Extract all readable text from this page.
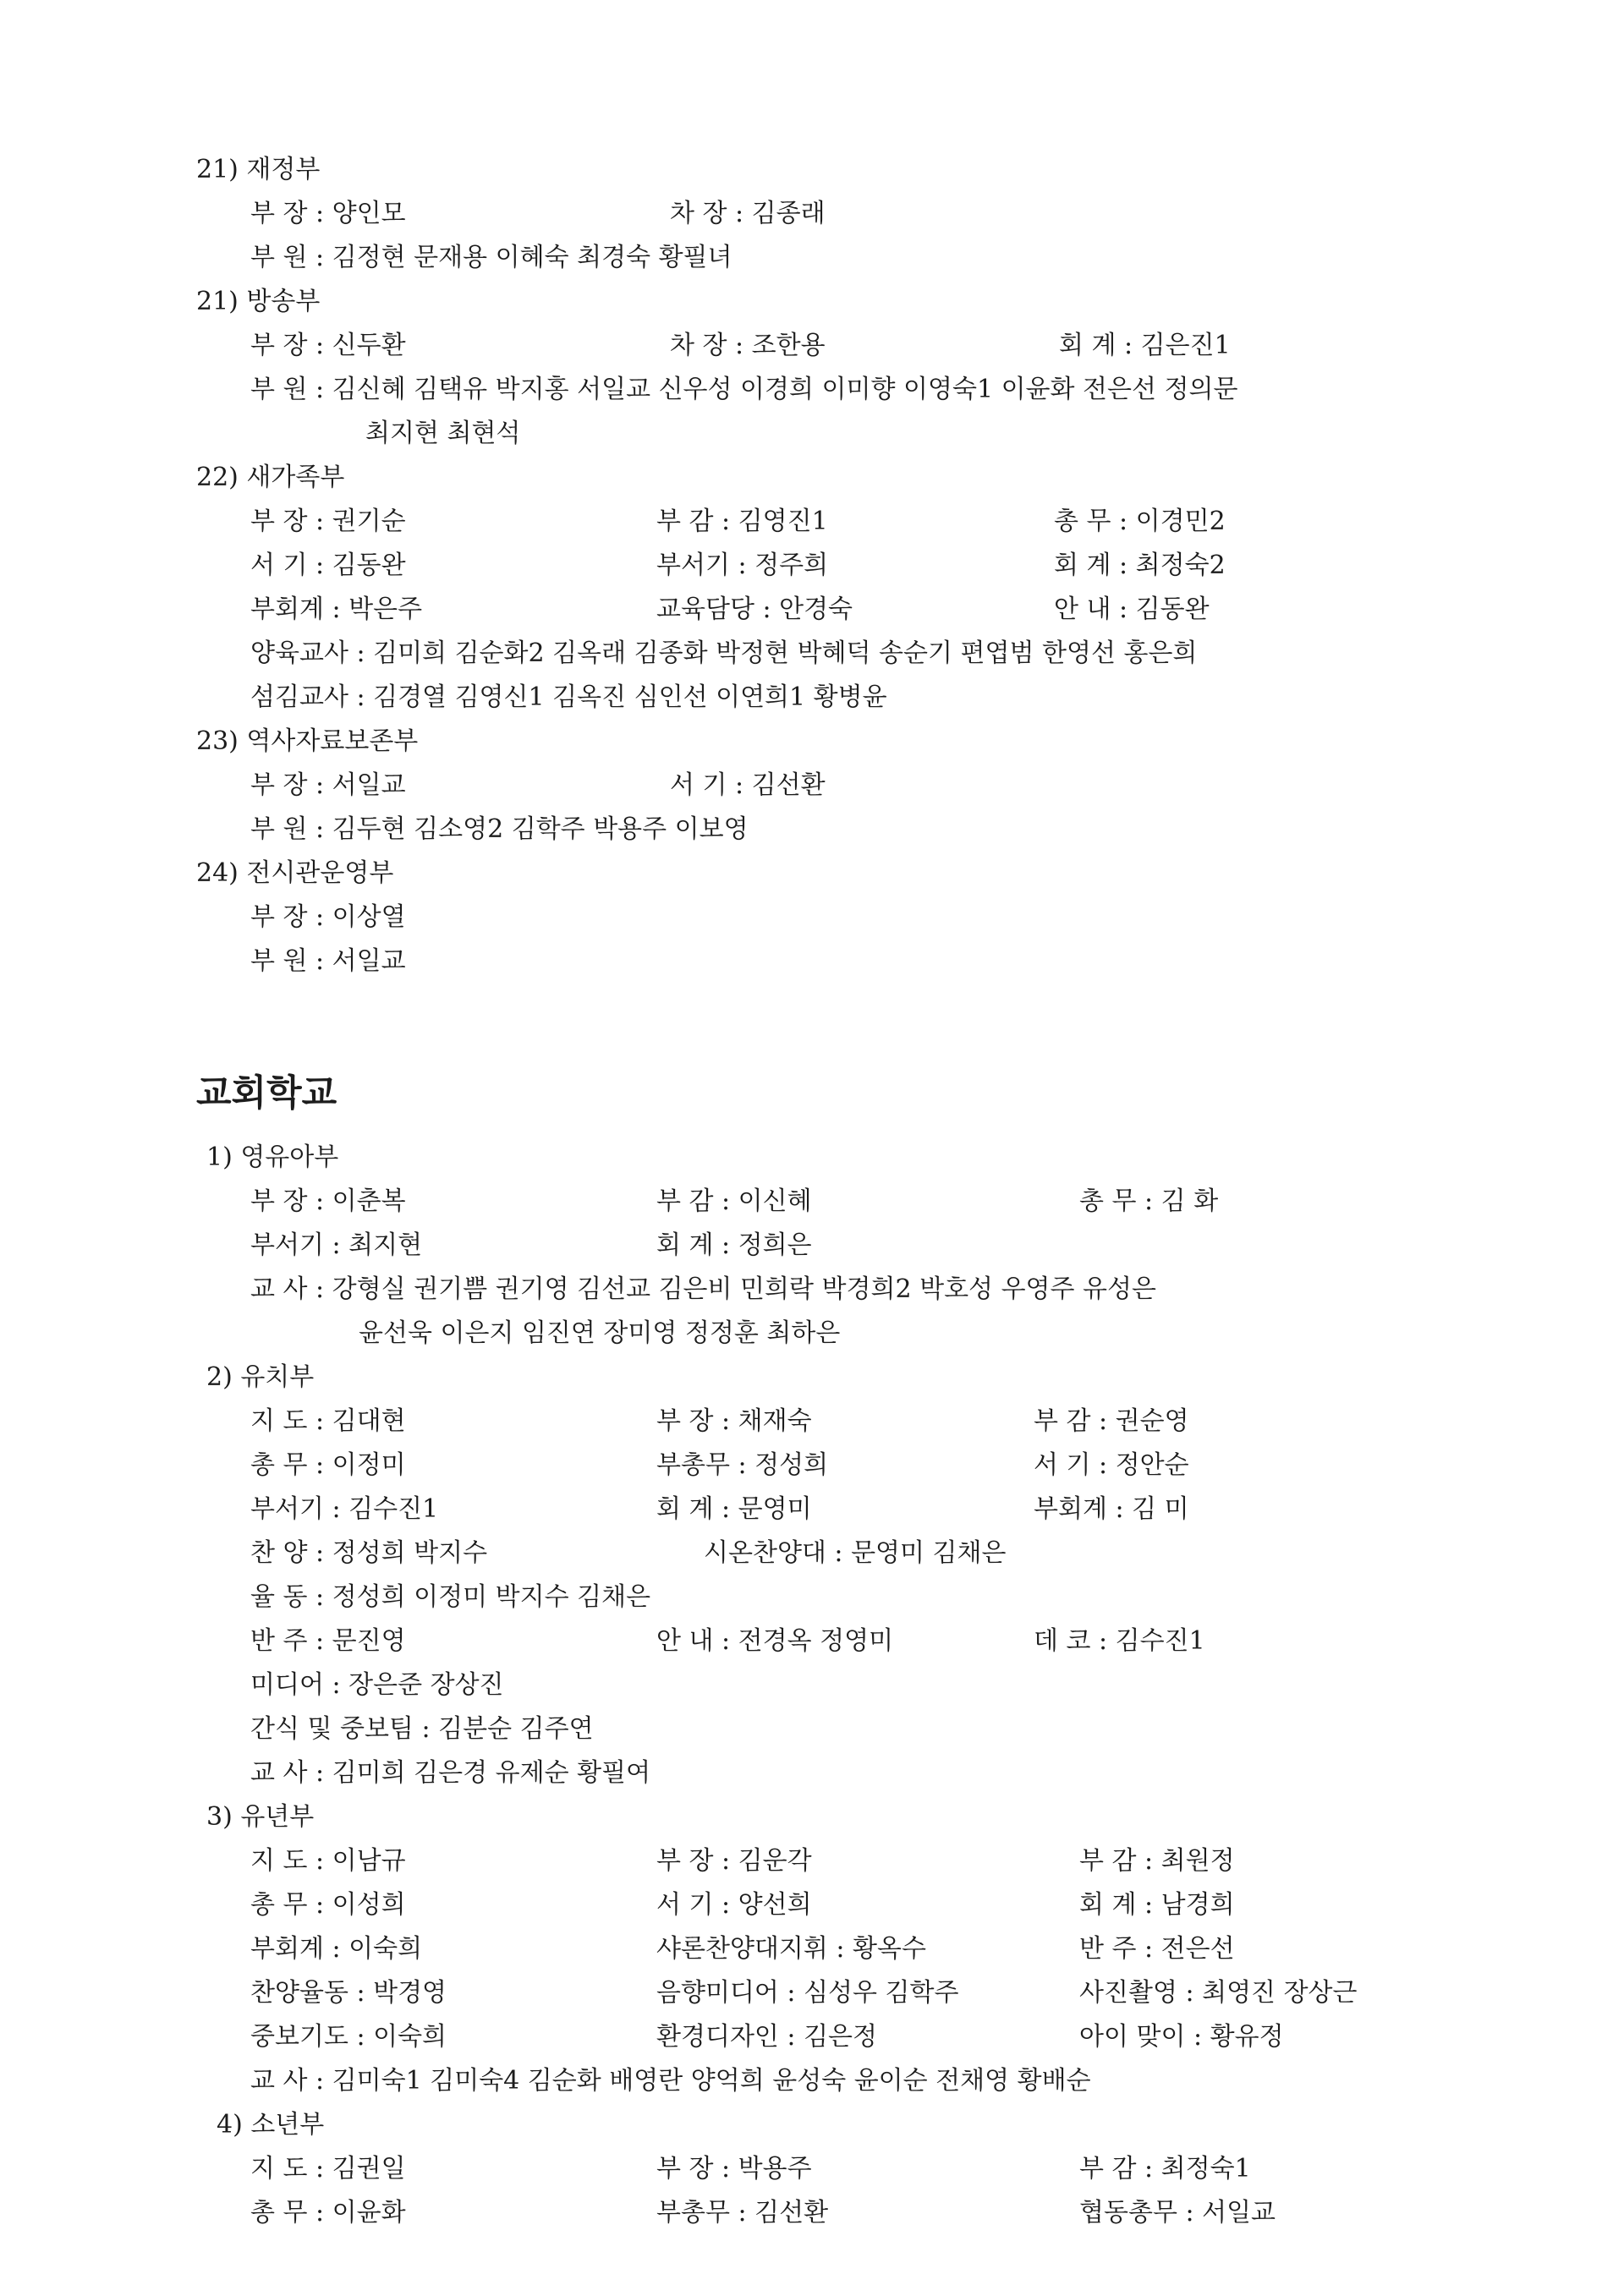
21) 재정부
부 장 : 양인모	차 장 : 김종래
부 원 : 김정현 문재용 이혜숙 최경숙 황필녀
21) 방송부
부 장 : 신두환	차 장 : 조한용	회 계 : 김은진1
부 원 : 김신혜 김택유 박지홍 서일교 신우성 이경희 이미향 이영숙1 이윤화 전은선 정의문
최지현 최현석
22) 새가족부
부 장 : 권기순	부 감 : 김영진1	총 무 : 이경민2
서 기 : 김동완	부서기 : 정주희	회 계 : 최정숙2
부회계 : 박은주	교육담당 : 안경숙	안 내 : 김동완
양육교사 : 김미희 김순화2 김옥래 김종화 박정현 박혜덕 송순기 편엽범 한영선 홍은희
섬김교사 : 김경열 김영신1 김옥진 심인선 이연희1 황병윤
23) 역사자료보존부
부 장 : 서일교	서 기 : 김선환
부 원 : 김두현 김소영2 김학주 박용주 이보영
24) 전시관운영부
부 장 : 이상열
부 원 : 서일교
교회학교
1) 영유아부
부 장 : 이춘복	부 감 : 이신혜	총 무 : 김 화
부서기 : 최지현	회 계 : 정희은
교 사 : 강형실 권기쁨 권기영 김선교 김은비 민희락 박경희2 박호성 우영주 유성은
윤선욱 이은지 임진연 장미영 정정훈 최하은
2) 유치부
지 도 : 김대현	부 장 : 채재숙	부 감 : 권순영
총 무 : 이정미	부총무 : 정성희	서 기 : 정안순
부서기 : 김수진1	회 계 : 문영미	부회계 : 김 미
찬 양 : 정성희 박지수	시온찬양대 : 문영미 김채은
율 동 : 정성희 이정미 박지수 김채은
반 주 : 문진영	안 내 : 전경옥 정영미	데 코 : 김수진1
미디어 : 장은준 장상진
간식 및 중보팀 : 김분순 김주연
교 사 : 김미희 김은경 유제순 황필여
3) 유년부
지 도 : 이남규	부 장 : 김운각	부 감 : 최원정
총 무 : 이성희	서 기 : 양선희	회 계 : 남경희
부회계 : 이숙희	샤론찬양대지휘 : 황옥수	반 주 : 전은선
찬양율동 : 박경영	음향미디어 : 심성우 김학주	사진촬영 : 최영진 장상근
중보기도 : 이숙희	환경디자인 : 김은정	아이 맞이 : 황유정
교 사 : 김미숙1 김미숙4 김순화 배영란 양억희 윤성숙 윤이순 전채영 황배순
4) 소년부
지 도 : 김권일	부 장 : 박용주	부 감 : 최정숙1
총 무 : 이윤화	부총무 : 김선환	협동총무 : 서일교
